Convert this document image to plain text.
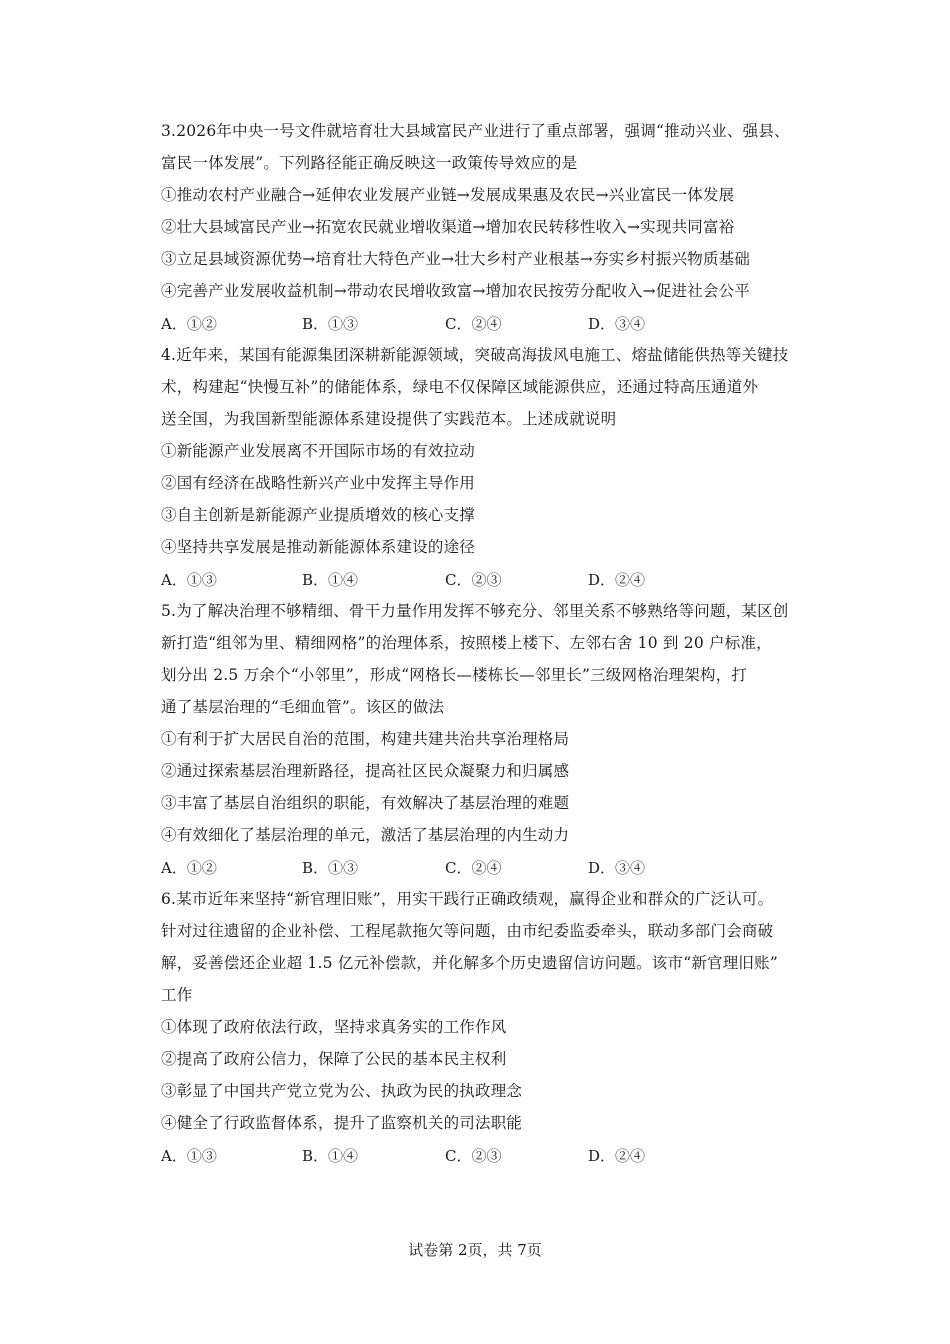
3.2026年中央一号文件就培育壮大县域富民产业进行了重点部署，强调“推动兴业、强县、
富民一体发展”。下列路径能正确反映这一政策传导效应的是
①推动农村产业融合→延伸农业发展产业链→发展成果惠及农民→兴业富民一体发展
②壮大县域富民产业→拓宽农民就业增收渠道→增加农民转移性收入→实现共同富裕
③立足县域资源优势→培育壮大特色产业→壮大乡村产业根基→夯实乡村振兴物质基础
④完善产业发展收益机制→带动农民增收致富→增加农民按劳分配收入→促进社会公平
A．①②	B．①③	C．②④	D．③④
4.近年来，某国有能源集团深耕新能源领域，突破高海拔风电施工、熔盐储能供热等关键技
术，构建起“快慢互补”的储能体系，绿电不仅保障区域能源供应，还通过特高压通道外
送全国，为我国新型能源体系建设提供了实践范本。上述成就说明
①新能源产业发展离不开国际市场的有效拉动
②国有经济在战略性新兴产业中发挥主导作用
③自主创新是新能源产业提质增效的核心支撑
④坚持共享发展是推动新能源体系建设的途径
A．①③	B．①④	C．②③	D．②④
5.为了解决治理不够精细、骨干力量作用发挥不够充分、邻里关系不够熟络等问题，某区创
新打造“组邻为里、精细网格”的治理体系，按照楼上楼下、左邻右舍 10 到 20 户标准，
划分出 2.5 万余个“小邻里”，形成“网格长—楼栋长—邻里长”三级网格治理架构，打
通了基层治理的“毛细血管”。该区的做法
①有利于扩大居民自治的范围，构建共建共治共享治理格局
②通过探索基层治理新路径，提高社区民众凝聚力和归属感
③丰富了基层自治组织的职能，有效解决了基层治理的难题
④有效细化了基层治理的单元，激活了基层治理的内生动力
A．①②	B．①③	C．②④	D．③④
6.某市近年来坚持“新官理旧账”，用实干践行正确政绩观，赢得企业和群众的广泛认可。
针对过往遗留的企业补偿、工程尾款拖欠等问题，由市纪委监委牵头，联动多部门会商破
解，妥善偿还企业超 1.5 亿元补偿款，并化解多个历史遗留信访问题。该市“新官理旧账”
工作
①体现了政府依法行政，坚持求真务实的工作作风
②提高了政府公信力，保障了公民的基本民主权利
③彰显了中国共产党立党为公、执政为民的执政理念
④健全了行政监督体系，提升了监察机关的司法职能
A．①③	B．①④	C．②③	D．②④
试卷第 2页，共 7页
